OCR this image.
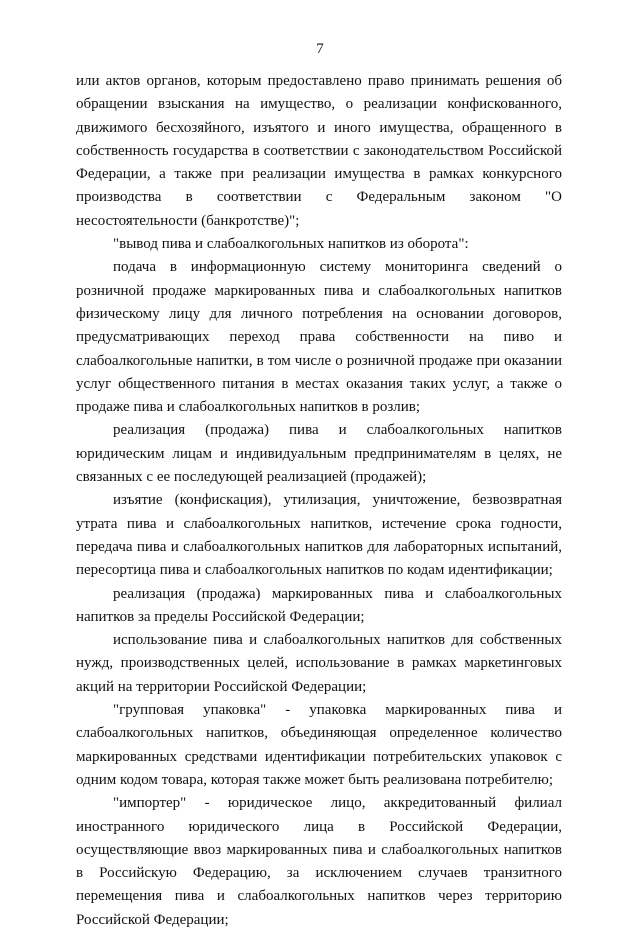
7

или актов органов, которым предоставлено право принимать решения об обращении взыскания на имущество, о реализации конфискованного, движимого бесхозяйного, изъятого и иного имущества, обращенного в собственность государства в соответствии с законодательством Российской Федерации, а также при реализации имущества в рамках конкурсного производства в соответствии с Федеральным законом "О несостоятельности (банкротстве)";

"вывод пива и слабоалкогольных напитков из оборота":

подача в информационную систему мониторинга сведений о розничной продаже маркированных пива и слабоалкогольных напитков физическому лицу для личного потребления на основании договоров, предусматривающих переход права собственности на пиво и слабоалкогольные напитки, в том числе о розничной продаже при оказании услуг общественного питания в местах оказания таких услуг, а также о продаже пива и слабоалкогольных напитков в розлив;

реализация (продажа) пива и слабоалкогольных напитков юридическим лицам и индивидуальным предпринимателям в целях, не связанных с ее последующей реализацией (продажей);

изъятие (конфискация), утилизация, уничтожение, безвозвратная утрата пива и слабоалкогольных напитков, истечение срока годности, передача пива и слабоалкогольных напитков для лабораторных испытаний, пересортица пива и слабоалкогольных напитков по кодам идентификации;

реализация (продажа) маркированных пива и слабоалкогольных напитков за пределы Российской Федерации;

использование пива и слабоалкогольных напитков для собственных нужд, производственных целей, использование в рамках маркетинговых акций на территории Российской Федерации;

"групповая упаковка" - упаковка маркированных пива и слабоалкогольных напитков, объединяющая определенное количество маркированных средствами идентификации потребительских упаковок с одним кодом товара, которая также может быть реализована потребителю;

"импортер" - юридическое лицо, аккредитованный филиал иностранного юридического лица в Российской Федерации, осуществляющие ввоз маркированных пива и слабоалкогольных напитков в Российскую Федерацию, за исключением случаев транзитного перемещения пива и слабоалкогольных напитков через территорию Российской Федерации;
